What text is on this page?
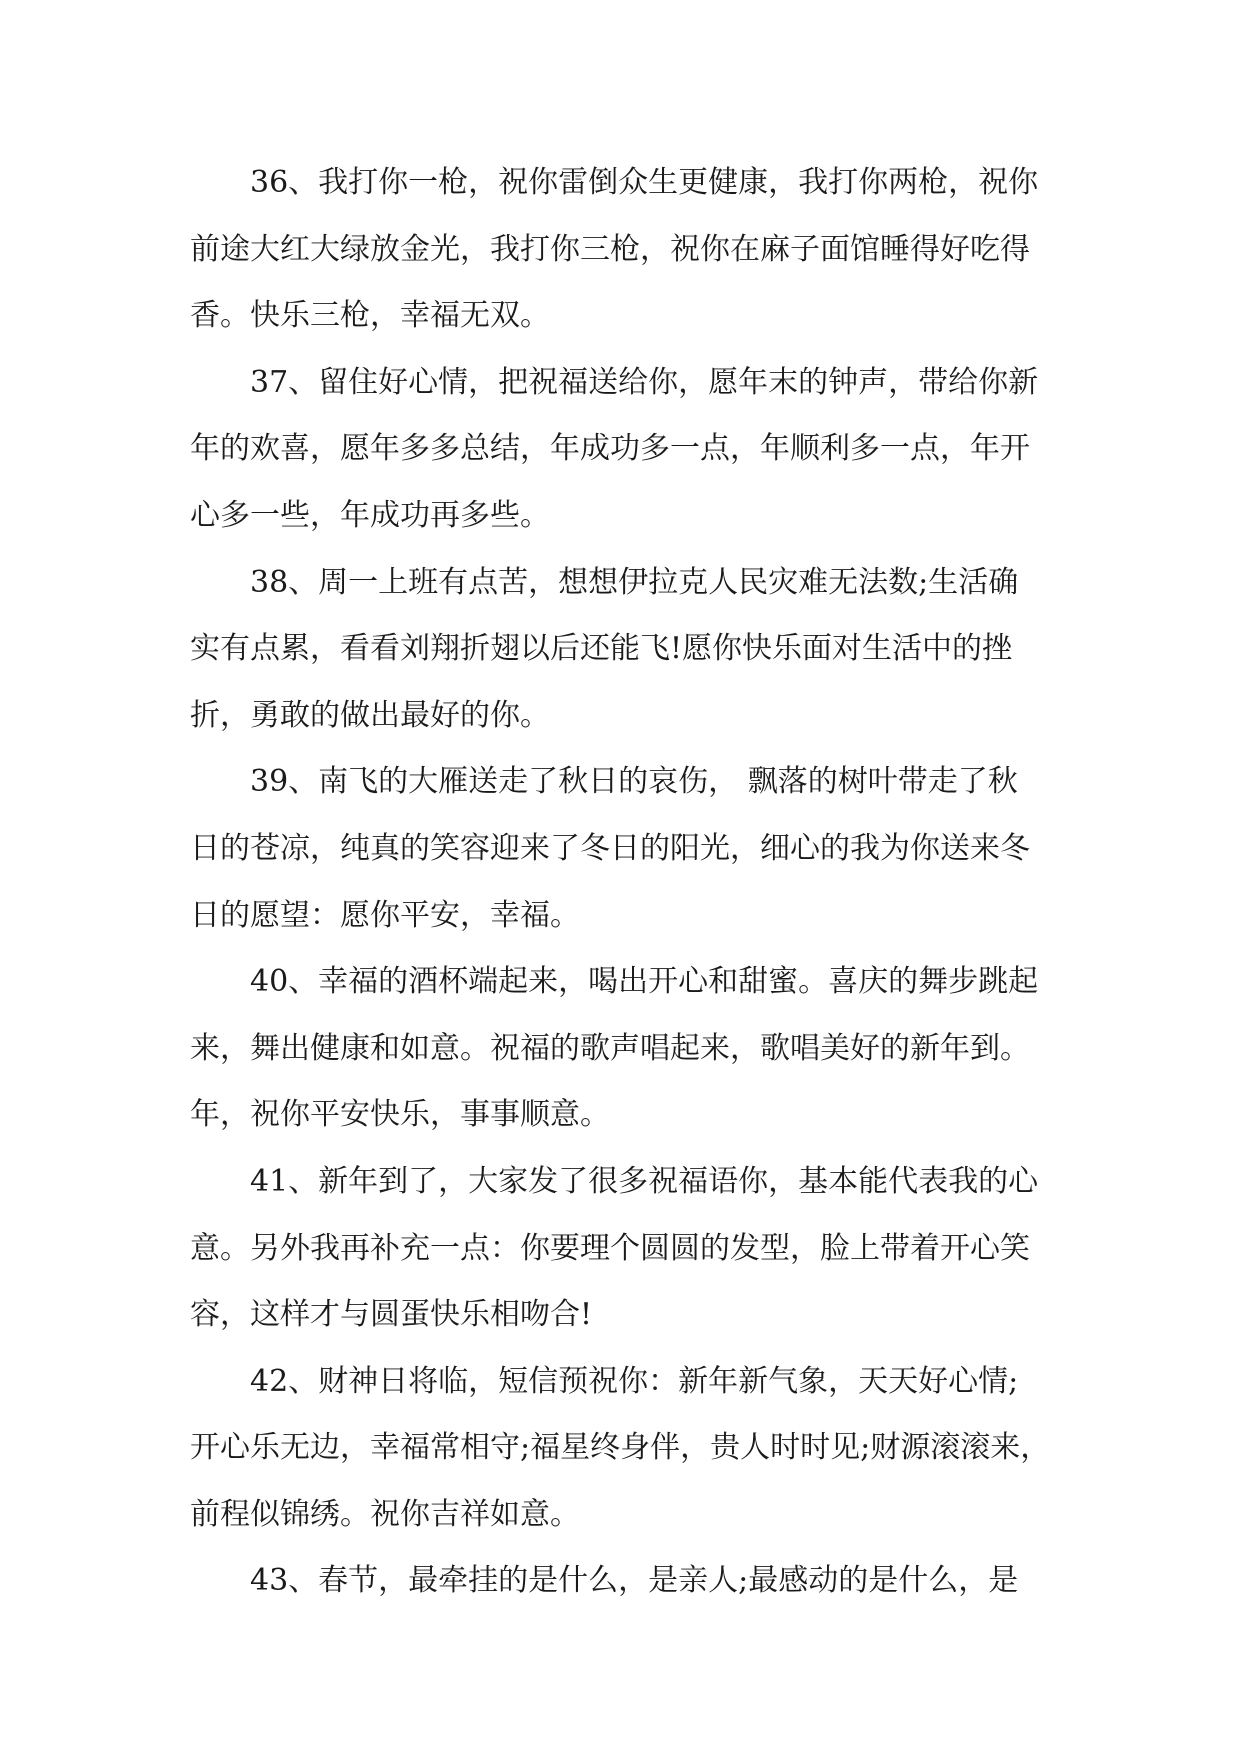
36、我打你一枪，祝你雷倒众生更健康，我打你两枪，祝你
前途大红大绿放金光，我打你三枪，祝你在麻子面馆睡得好吃得
香。快乐三枪，幸福无双。
37、留住好心情，把祝福送给你，愿年末的钟声，带给你新
年的欢喜，愿年多多总结，年成功多一点，年顺利多一点，年开
心多一些，年成功再多些。
38、周一上班有点苦，想想伊拉克人民灾难无法数;生活确
实有点累，看看刘翔折翅以后还能飞!愿你快乐面对生活中的挫
折，勇敢的做出最好的你。
39、南飞的大雁送走了秋日的哀伤， 飘落的树叶带走了秋
日的苍凉，纯真的笑容迎来了冬日的阳光，细心的我为你送来冬
日的愿望：愿你平安，幸福。
40、幸福的酒杯端起来，喝出开心和甜蜜。喜庆的舞步跳起
来，舞出健康和如意。祝福的歌声唱起来，歌唱美好的新年到。
年，祝你平安快乐，事事顺意。
41、新年到了，大家发了很多祝福语你，基本能代表我的心
意。另外我再补充一点：你要理个圆圆的发型，脸上带着开心笑
容，这样才与圆蛋快乐相吻合!
42、财神日将临，短信预祝你：新年新气象，天天好心情;
开心乐无边，幸福常相守;福星终身伴，贵人时时见;财源滚滚来，
前程似锦绣。祝你吉祥如意。
43、春节，最牵挂的是什么，是亲人;最感动的是什么，是
